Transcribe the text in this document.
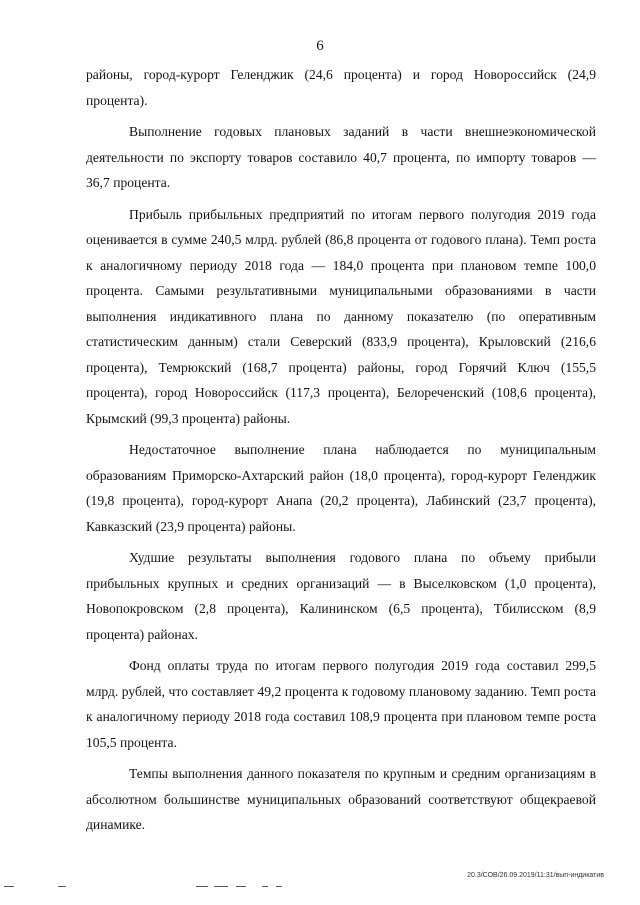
6

районы, город-курорт Геленджик (24,6 процента) и город Новороссийск (24,9 процента).

Выполнение годовых плановых заданий в части внешнеэкономической деятельности по экспорту товаров составило 40,7 процента, по импорту товаров — 36,7 процента.

Прибыль прибыльных предприятий по итогам первого полугодия 2019 года оценивается в сумме 240,5 млрд. рублей (86,8 процента от годового плана). Темп роста к аналогичному периоду 2018 года — 184,0 процента при плановом темпе 100,0 процента. Самыми результативными муниципальными образованиями в части выполнения индикативного плана по данному показателю (по оперативным статистическим данным) стали Северский (833,9 процента), Крыловский (216,6 процента), Темрюкский (168,7 процента) районы, город Горячий Ключ (155,5 процента), город Новороссийск (117,3 процента), Белореченский (108,6 процента), Крымский (99,3 процента) районы.

Недостаточное выполнение плана наблюдается по муниципальным образованиям Приморско-Ахтарский район (18,0 процента), город-курорт Геленджик (19,8 процента), город-курорт Анапа (20,2 процента), Лабинский (23,7 процента), Кавказский (23,9 процента) районы.

Худшие результаты выполнения годового плана по объему прибыли прибыльных крупных и средних организаций — в Выселковском (1,0 процента), Новопокровском (2,8 процента), Калининском (6,5 процента), Тбилисском (8,9 процента) районах.

Фонд оплаты труда по итогам первого полугодия 2019 года составил 299,5 млрд. рублей, что составляет 49,2 процента к годовому плановому заданию. Темп роста к аналогичному периоду 2018 года составил 108,9 процента при плановом темпе роста 105,5 процента.

Темпы выполнения данного показателя по крупным и средним организациям в абсолютном большинстве муниципальных образований соответствуют общекраевой динамике.

20.3/СОВ/26.09.2019/11:31/вып-индикатив
